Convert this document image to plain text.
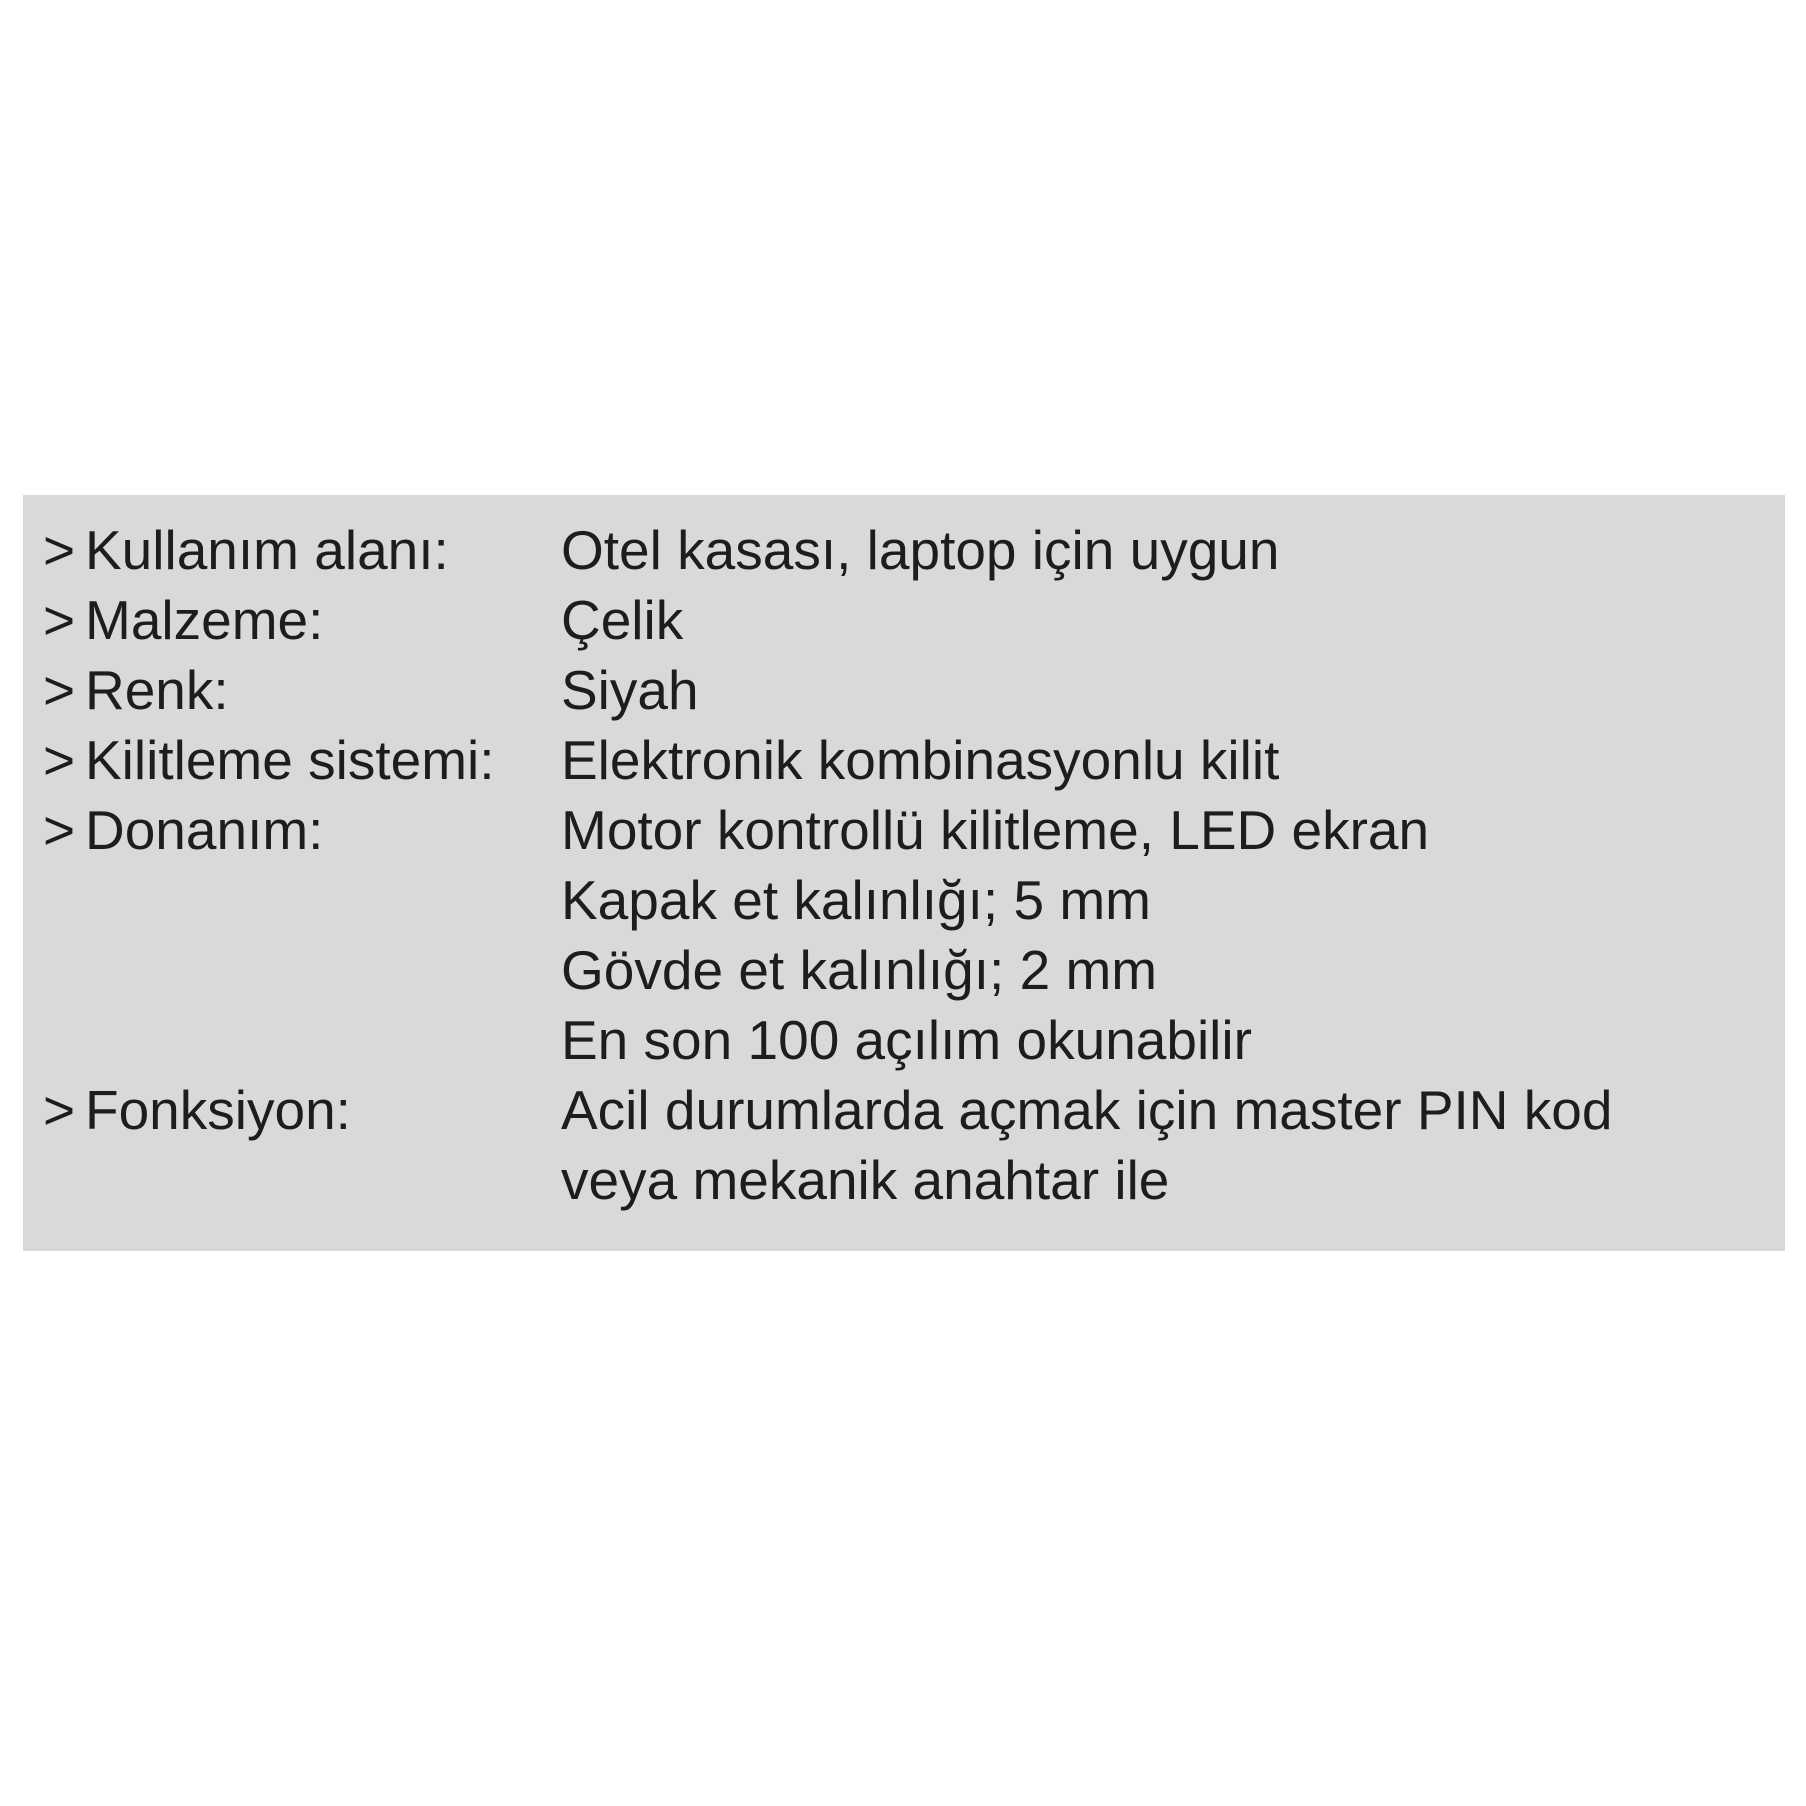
> Kullanım alanı:	Otel kasası, laptop için uygun
> Malzeme:	Çelik
> Renk:	Siyah
> Kilitleme sistemi:	Elektronik kombinasyonlu kilit
> Donanım:	Motor kontrollü kilitleme, LED ekran
Kapak et kalınlığı; 5 mm
Gövde et kalınlığı; 2 mm
En son 100 açılım okunabilir
> Fonksiyon:	Acil durumlarda açmak için master PIN kod
veya mekanik anahtar ile
